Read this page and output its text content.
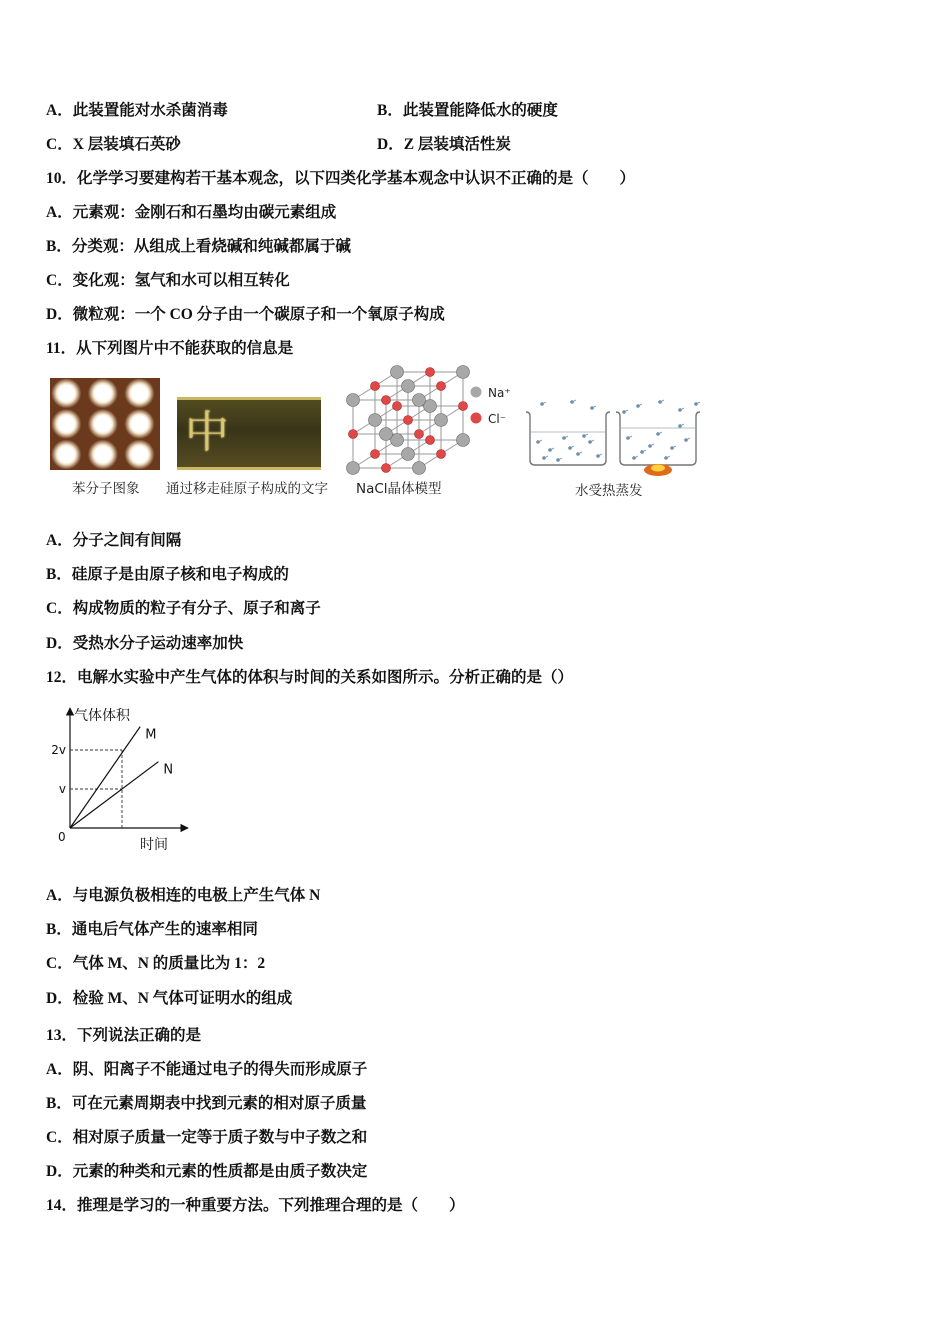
A．此装置能对水杀菌消毒	B．此装置能降低水的硬度
C．X 层装填石英砂	D．Z 层装填活性炭
10．化学学习要建构若干基本观念，以下四类化学基本观念中认识不正确的是（　　）
A．元素观：金刚石和石墨均由碳元素组成
B．分类观：从组成上看烧碱和纯碱都属于碱
C．变化观：氢气和水可以相互转化
D．微粒观：一个 CO 分子由一个碳原子和一个氧原子构成
11．从下列图片中不能获取的信息是
苯分子图象
中
通过移走硅原子构成的文字
Na⁺
Cl⁻
NaCl晶体模型	水受热蒸发
A．分子之间有间隔
B．硅原子是由原子核和电子构成的
C．构成物质的粒子有分子、原子和离子
D．受热水分子运动速率加快
12．电解水实验中产生气体的体积与时间的关系如图所示。分析正确的是（）
气体体积
时间
0
v
2v
M
N
A．与电源负极相连的电极上产生气体 N
B．通电后气体产生的速率相同
C．气体 M、N 的质量比为 1：2
D．检验 M、N 气体可证明水的组成
13．下列说法正确的是
A．阴、阳离子不能通过电子的得失而形成原子
B．可在元素周期表中找到元素的相对原子质量
C．相对原子质量一定等于质子数与中子数之和
D．元素的种类和元素的性质都是由质子数决定
14．推理是学习的一种重要方法。下列推理合理的是（　　）
